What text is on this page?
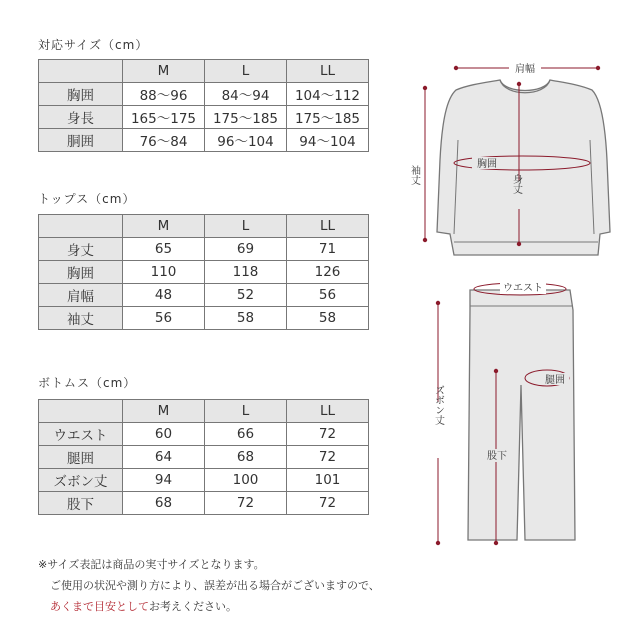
対応サイズ（cm）
	M	L	LL
胸囲	88〜96	84〜94	104〜112
身長	165〜175	175〜185	175〜185
胴囲	76〜84	96〜104	94〜104
トップス（cm）
	M	L	LL
身丈	65	69	71
胸囲	110	118	126
肩幅	48	52	56
袖丈	56	58	58
ボトムス（cm）
	M	L	LL
ウエスト	60	66	72
腿囲	64	68	72
ズボン丈	94	100	101
股下	68	72	72
※サイズ表記は商品の実寸サイズとなります。
ご使用の状況や測り方により、誤差が出る場合がございますので、
あくまで目安としてお考えください。
肩幅
袖丈
胸囲
身丈
ウエスト
腿囲
ズボン丈
股下
